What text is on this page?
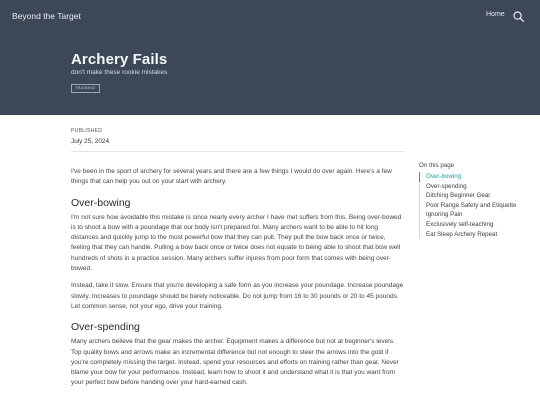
Beyond the Target	Home
Archery Fails
don't make these rookie mistakes
TRAINING
PUBLISHED
July 25, 2024

I've been in the sport of archery for several years and there are a few things I would do over again. Here's a few things that can help you out on your start with archery.

Over-bowing

I'm not sure how avoidable this mistake is since nearly every archer I have met suffers from this. Being over-bowed is to shoot a bow with a poundage that our body isn't prepared for. Many archers want to be able to hit long distances and quickly jump to the most powerful bow that they can pull. They pull the bow back once or twice, feeling that they can handle. Pulling a bow back once or twice does not equate to being able to shoot that bow well hundreds of shots in a practice session. Many archers suffer injures from poor form that comes with being over-bowed.

Instead, take it slow. Ensure that you're developing a safe form as you increase your poundage. Increase poundage slowly. Increases to poundage should be barely noticeable. Do not jump from 16 to 30 pounds or 20 to 45 pounds. Let common sense, not your ego, drive your training.

Over-spending

Many archers believe that the gear makes the archer. Equipment makes a difference but not at beginner's levels. Top quality bows and arrows make an incremental difference but not enough to steer the arrows into the gold if you're completely missing the target. Instead, spend your resources and efforts on training rather than gear. Never blame your bow for your performance. Instead, learn how to shoot it and understand what it is that you want from your perfect bow before handing over your hard-earned cash.

On this page
Over-bowing
Over-spending
Ditching Beginner Gear
Poor Range Safety and Etiquette
Ignoring Pain
Exclusively self-teaching
Eat Sleep Archery Repeat
